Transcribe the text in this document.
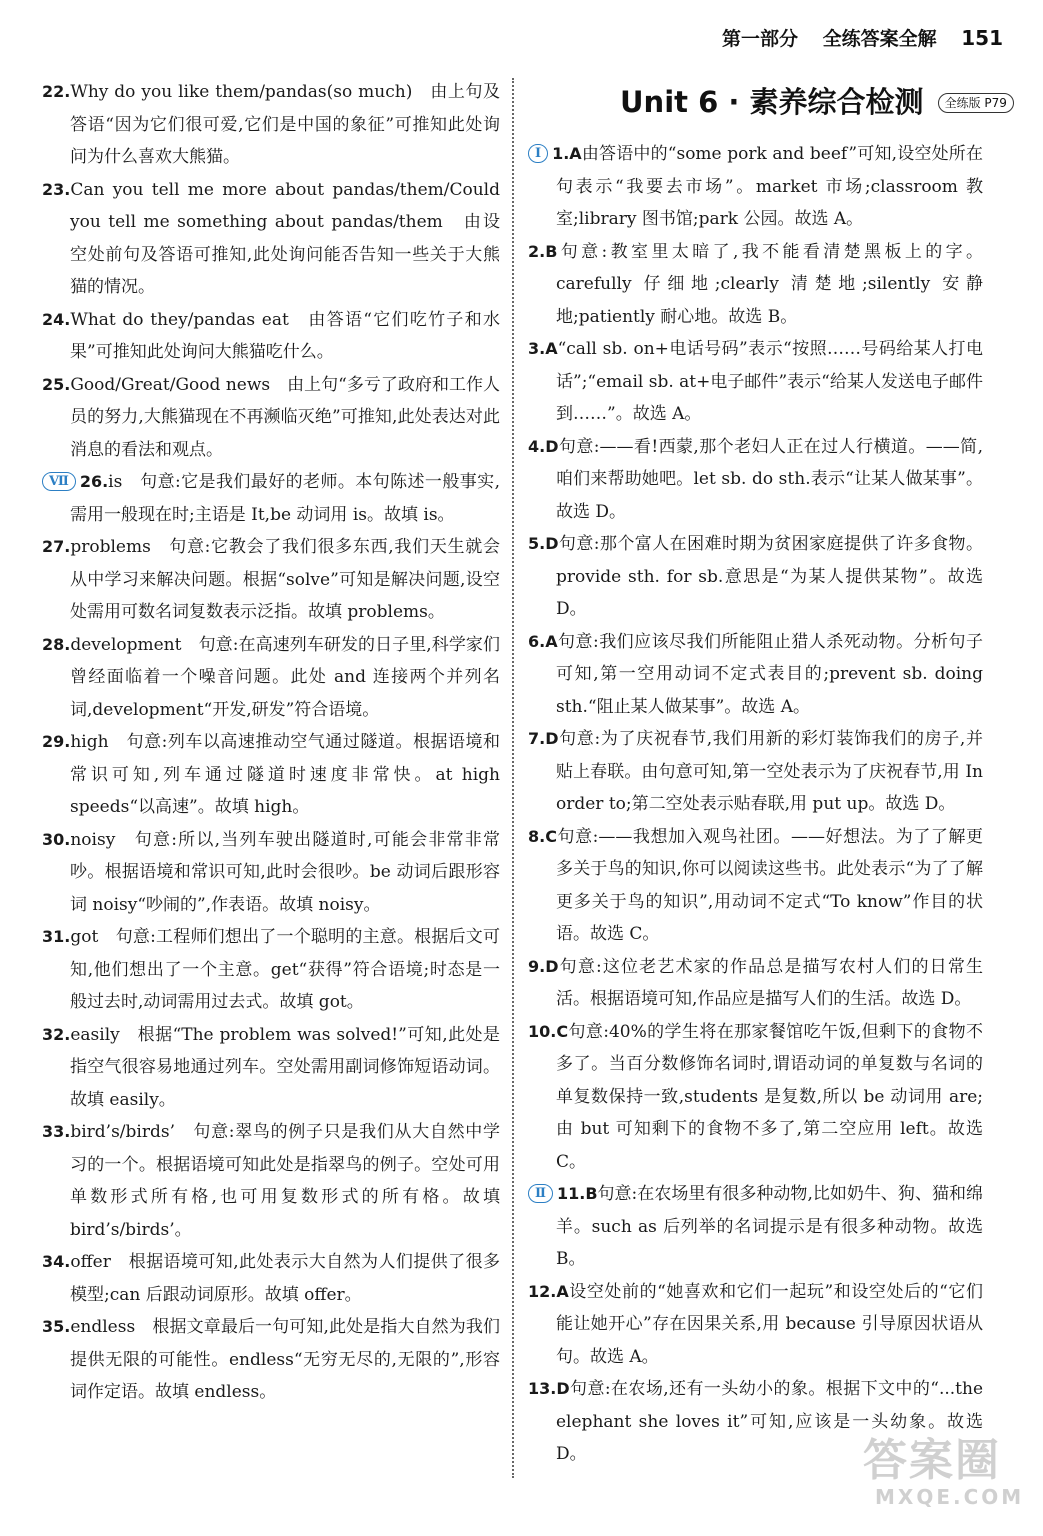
第一部分 全练答案全解 151
Unit 6 · 素养综合检测 全练版 P79

22.Why do you like them/pandas(so much)　由上句及答语“因为它们很可爱,它们是中国的象征”可推知此处询问为什么喜欢大熊猫。

23.Can you tell me more about pandas/them/Could you tell me something about pandas/them　由设空处前句及答语可推知,此处询问能否告知一些关于大熊猫的情况。

24.What do they/pandas eat　由答语“它们吃竹子和水果”可推知此处询问大熊猫吃什么。

25.Good/Great/Good news　由上句“多亏了政府和工作人员的努力,大熊猫现在不再濒临灭绝”可推知,此处表达对此消息的看法和观点。

Ⅶ 26.is　句意:它是我们最好的老师。本句陈述一般事实,需用一般现在时;主语是 It,be 动词用 is。故填 is。

27.problems　句意:它教会了我们很多东西,我们天生就会从中学习来解决问题。根据“solve”可知是解决问题,设空处需用可数名词复数表示泛指。故填 problems。

28.development　句意:在高速列车研发的日子里,科学家们曾经面临着一个噪音问题。此处 and 连接两个并列名词,development“开发,研发”符合语境。

29.high　句意:列车以高速推动空气通过隧道。根据语境和常识可知,列车通过隧道时速度非常快。at high speeds“以高速”。故填 high。

30.noisy　句意:所以,当列车驶出隧道时,可能会非常非常吵。根据语境和常识可知,此时会很吵。be 动词后跟形容词 noisy“吵闹的”,作表语。故填 noisy。

31.got　句意:工程师们想出了一个聪明的主意。根据后文可知,他们想出了一个主意。get“获得”符合语境;时态是一般过去时,动词需用过去式。故填 got。

32.easily　根据“The problem was solved!”可知,此处是指空气很容易地通过列车。空处需用副词修饰短语动词。故填 easily。

33.bird’s/birds’　句意:翠鸟的例子只是我们从大自然中学习的一个。根据语境可知此处是指翠鸟的例子。空处可用单数形式所有格,也可用复数形式的所有格。故填 bird’s/birds’。

34.offer　根据语境可知,此处表示大自然为人们提供了很多模型;can 后跟动词原形。故填 offer。

35.endless　根据文章最后一句可知,此处是指大自然为我们提供无限的可能性。endless“无穷无尽的,无限的”,形容词作定语。故填 endless。

Ⅰ 1.A由答语中的“some pork and beef”可知,设空处所在句表示“我要去市场”。market 市场;classroom 教室;library 图书馆;park 公园。故选 A。

2.B句意:教室里太暗了,我不能看清楚黑板上的字。carefully 仔细地;clearly 清楚地;silently 安静地;patiently 耐心地。故选 B。

3.A“call sb. on+电话号码”表示“按照……号码给某人打电话”;“email sb. at+电子邮件”表示“给某人发送电子邮件到……”。故选 A。

4.D句意:——看!西蒙,那个老妇人正在过人行横道。——简,咱们来帮助她吧。let sb. do sth.表示“让某人做某事”。故选 D。

5.D句意:那个富人在困难时期为贫困家庭提供了许多食物。provide sth. for sb.意思是“为某人提供某物”。故选 D。

6.A句意:我们应该尽我们所能阻止猎人杀死动物。分析句子可知,第一空用动词不定式表目的;prevent sb. doing sth.“阻止某人做某事”。故选 A。

7.D句意:为了庆祝春节,我们用新的彩灯装饰我们的房子,并贴上春联。由句意可知,第一空处表示为了庆祝春节,用 In order to;第二空处表示贴春联,用 put up。故选 D。

8.C句意:——我想加入观鸟社团。——好想法。为了了解更多关于鸟的知识,你可以阅读这些书。此处表示“为了了解更多关于鸟的知识”,用动词不定式“To know”作目的状语。故选 C。

9.D句意:这位老艺术家的作品总是描写农村人们的日常生活。根据语境可知,作品应是描写人们的生活。故选 D。

10.C句意:40%的学生将在那家餐馆吃午饭,但剩下的食物不多了。当百分数修饰名词时,谓语动词的单复数与名词的单复数保持一致,students 是复数,所以 be 动词用 are;由 but 可知剩下的食物不多了,第二空应用 left。故选 C。

Ⅱ 11.B句意:在农场里有很多种动物,比如奶牛、狗、猫和绵羊。such as 后列举的名词提示是有很多种动物。故选 B。

12.A设空处前的“她喜欢和它们一起玩”和设空处后的“它们能让她开心”存在因果关系,用 because 引导原因状语从句。故选 A。

13.D句意:在农场,还有一头幼小的象。根据下文中的“...the elephant she loves it”可知,应该是一头幼象。故选 D。	答案圈
MXQE.COM
